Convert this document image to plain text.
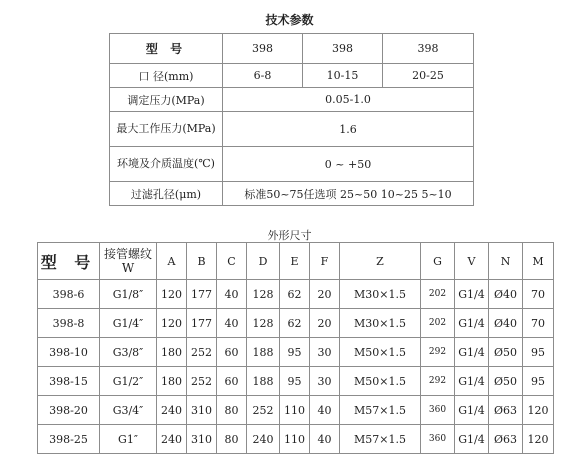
技术参数
型 号	398	398	398
口 径(mm)	6-8	10-15	20-25
调定压力(MPa)	0.05-1.0		
最大工作压力(MPa)	1.6		
环境及介质温度(℃)	0 ~ +50		
过滤孔径(μm)	标准50~75任选项 25~50 10~25 5~10		
外形尺寸
型 号	接管螺纹W	A	B	C	D	E	F	Z	G	V	N	M
398-6	G1/8″	120	177	40	128	62	20	M30×1.5	202	G1/4	Ø40	70
398-8	G1/4″	120	177	40	128	62	20	M30×1.5	202	G1/4	Ø40	70
398-10	G3/8″	180	252	60	188	95	30	M50×1.5	292	G1/4	Ø50	95
398-15	G1/2″	180	252	60	188	95	30	M50×1.5	292	G1/4	Ø50	95
398-20	G3/4″	240	310	80	252	110	40	M57×1.5	360	G1/4	Ø63	120
398-25	G1″	240	310	80	240	110	40	M57×1.5	360	G1/4	Ø63	120
